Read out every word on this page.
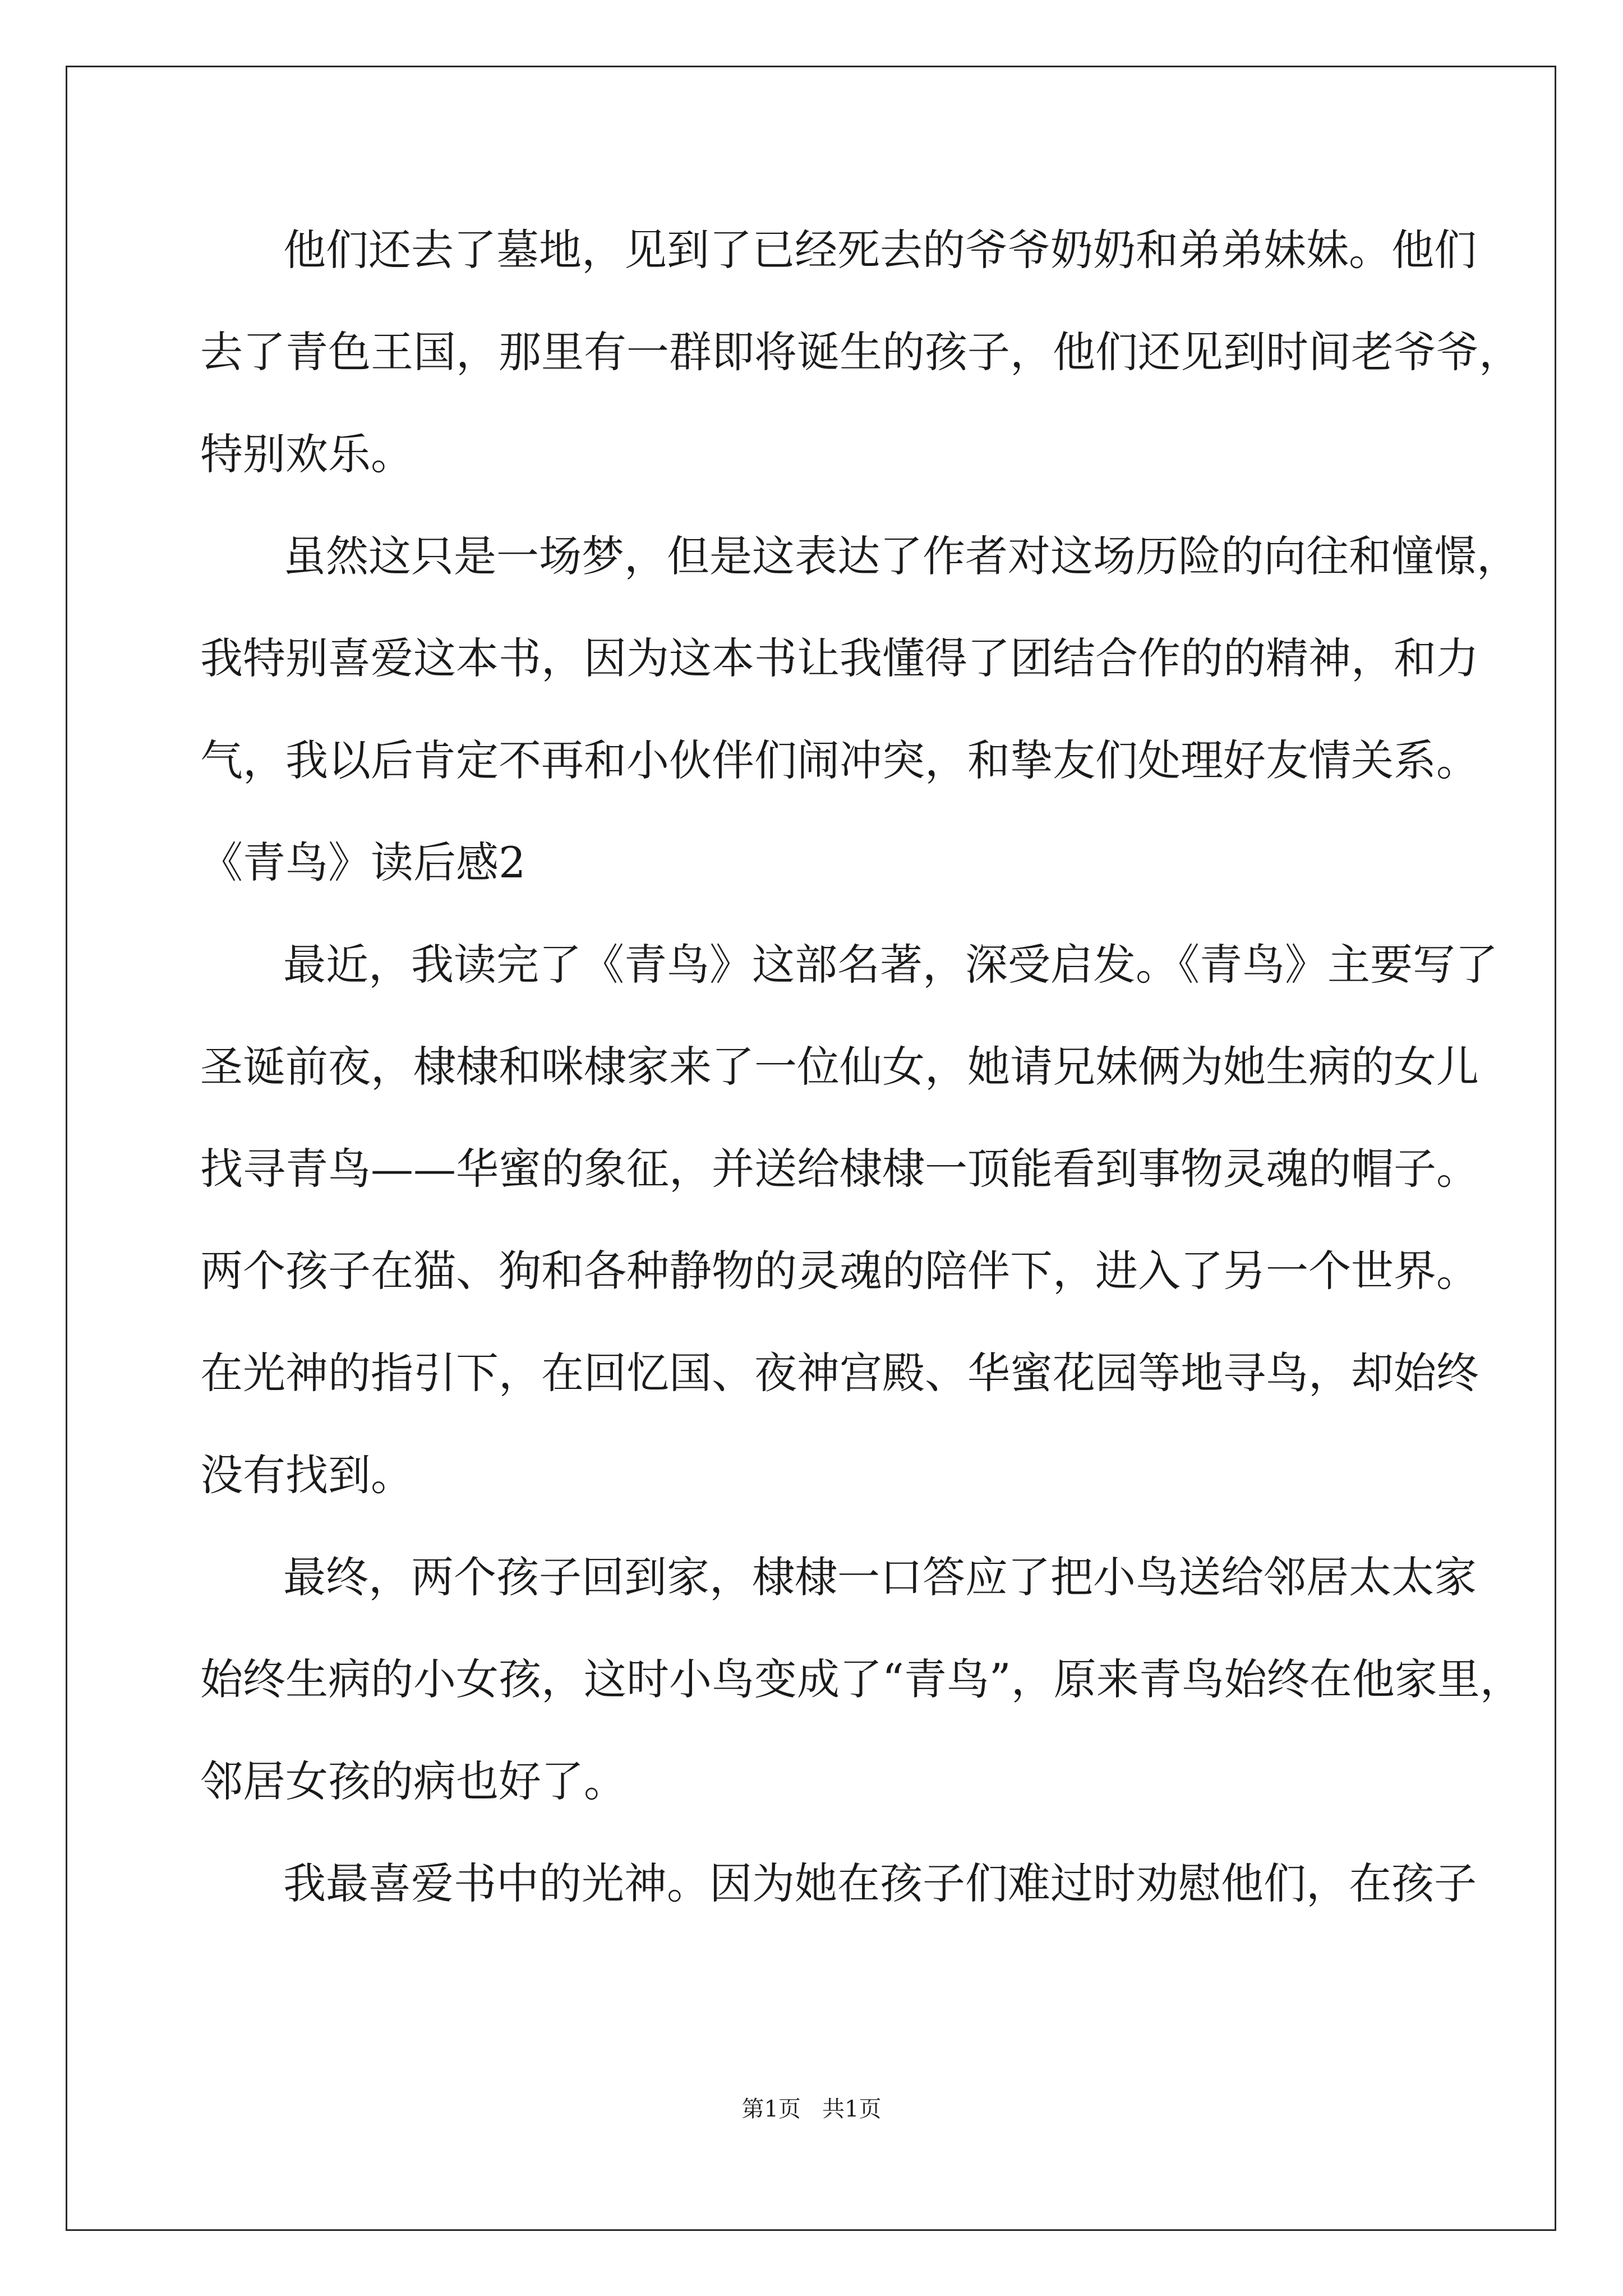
他们还去了墓地，见到了已经死去的爷爷奶奶和弟弟妹妹。他们
去了青色王国，那里有一群即将诞生的孩子，他们还见到时间老爷爷，
特别欢乐。
虽然这只是一场梦，但是这表达了作者对这场历险的向往和憧憬，
我特别喜爱这本书，因为这本书让我懂得了团结合作的的精神，和力
气，我以后肯定不再和小伙伴们闹冲突，和挚友们处理好友情关系。
《青鸟》读后感2
最近，我读完了《青鸟》这部名著，深受启发。《青鸟》主要写了
圣诞前夜，棣棣和咪棣家来了一位仙女，她请兄妹俩为她生病的女儿
找寻青鸟——华蜜的象征，并送给棣棣一顶能看到事物灵魂的帽子。
两个孩子在猫、狗和各种静物的灵魂的陪伴下，进入了另一个世界。
在光神的指引下，在回忆国、夜神宫殿、华蜜花园等地寻鸟，却始终
没有找到。
最终，两个孩子回到家，棣棣一口答应了把小鸟送给邻居太太家
始终生病的小女孩，这时小鸟变成了“青鸟”，原来青鸟始终在他家里，
邻居女孩的病也好了。
我最喜爱书中的光神。因为她在孩子们难过时劝慰他们，在孩子
第1页   共1页
